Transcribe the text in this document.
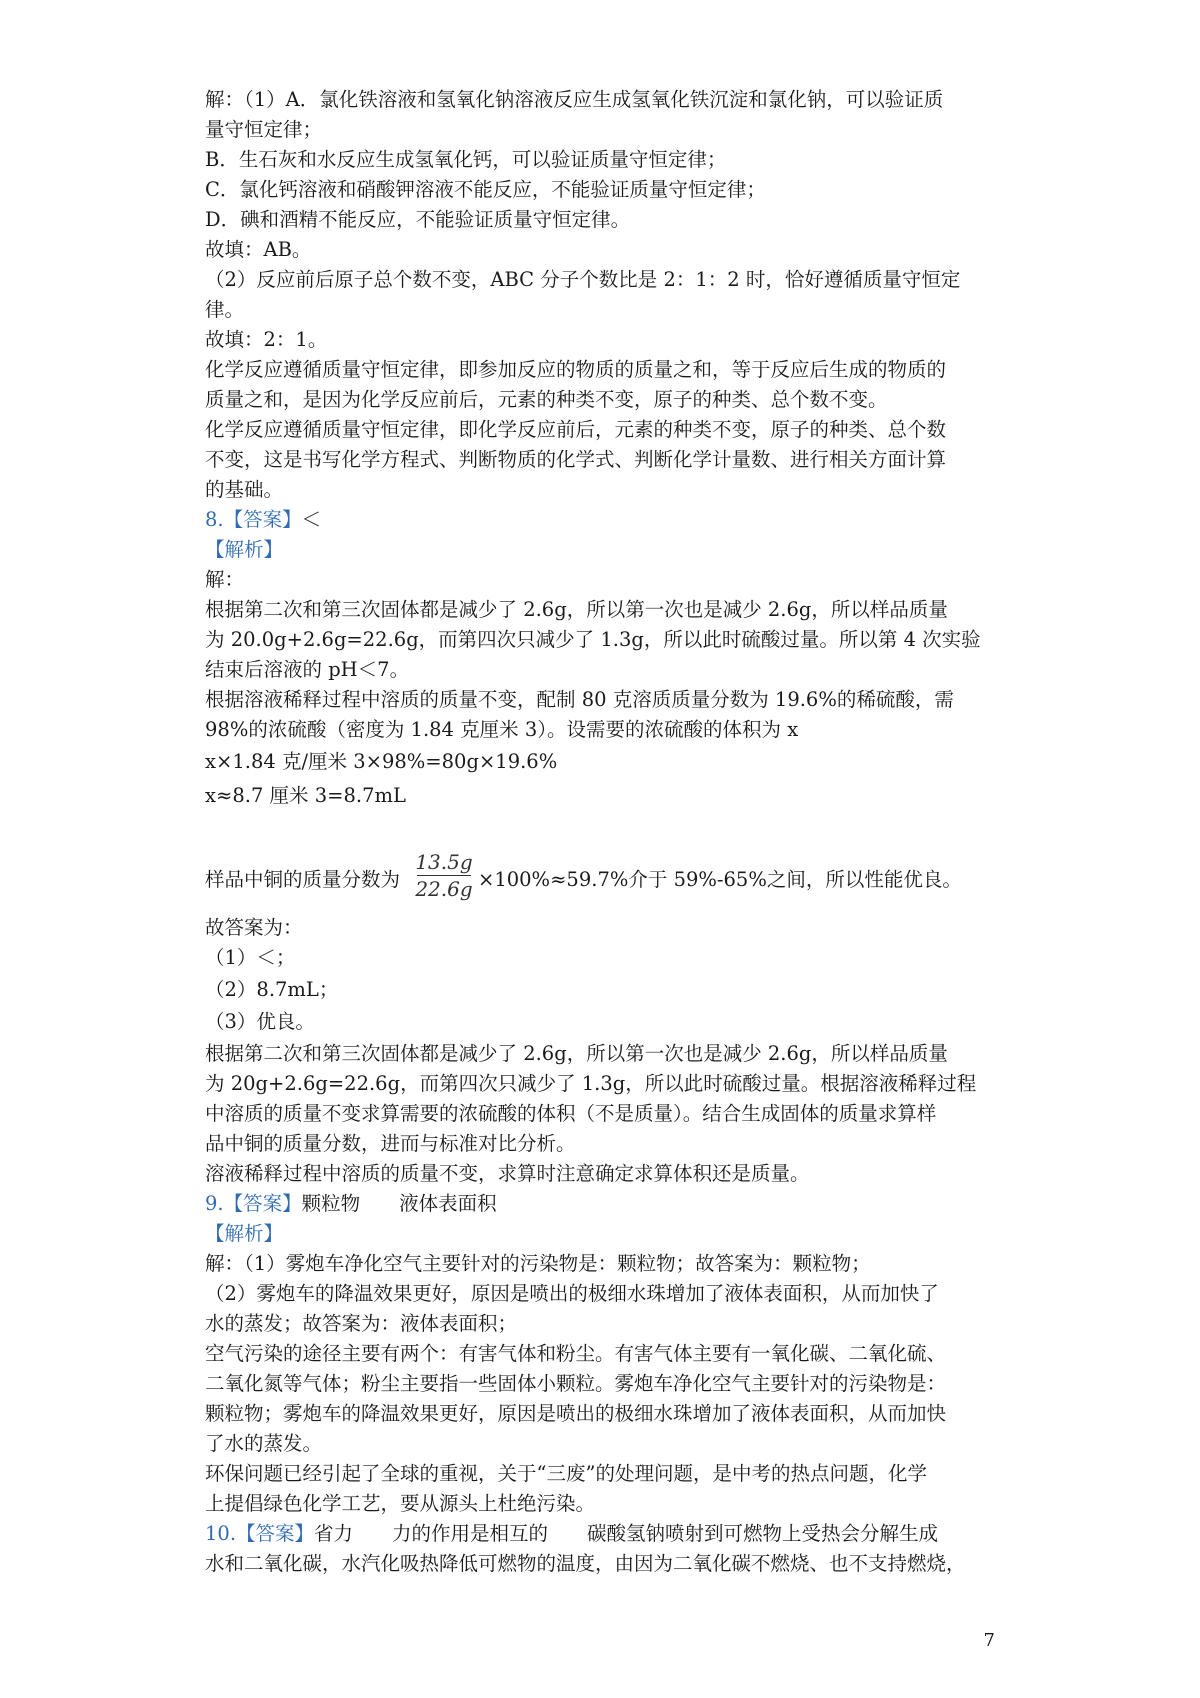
解：（1）A．氯化铁溶液和氢氧化钠溶液反应生成氢氧化铁沉淀和氯化钠，可以验证质
量守恒定律；
B．生石灰和水反应生成氢氧化钙，可以验证质量守恒定律；
C．氯化钙溶液和硝酸钾溶液不能反应，不能验证质量守恒定律；
D．碘和酒精不能反应，不能验证质量守恒定律。
故填：AB。
（2）反应前后原子总个数不变，ABC 分子个数比是 2：1：2 时，恰好遵循质量守恒定
律。
故填：2：1。
化学反应遵循质量守恒定律，即参加反应的物质的质量之和，等于反应后生成的物质的
质量之和，是因为化学反应前后，元素的种类不变，原子的种类、总个数不变。
化学反应遵循质量守恒定律，即化学反应前后，元素的种类不变，原子的种类、总个数
不变，这是书写化学方程式、判断物质的化学式、判断化学计量数、进行相关方面计算
的基础。
8.【答案】＜
【解析】
解：
根据第二次和第三次固体都是减少了 2.6g，所以第一次也是减少 2.6g，所以样品质量
为 20.0g+2.6g=22.6g，而第四次只减少了 1.3g，所以此时硫酸过量。所以第 4 次实验
结束后溶液的 pH＜7。
根据溶液稀释过程中溶质的质量不变，配制 80 克溶质质量分数为 19.6%的稀硫酸，需
98%的浓硫酸（密度为 1.84 克厘米 3）。设需要的浓硫酸的体积为 x
x×1.84 克/厘米 3×98%=80g×19.6%
x≈8.7 厘米 3=8.7mL
样品中铜的质量分数为
13.5g
22.6g ×100%≈59.7%介于 59%-65%之间，所以性能优良。
故答案为：
（1）＜；
（2）8.7mL；
（3）优良。
根据第二次和第三次固体都是减少了 2.6g，所以第一次也是减少 2.6g，所以样品质量
为 20g+2.6g=22.6g，而第四次只减少了 1.3g，所以此时硫酸过量。根据溶液稀释过程
中溶质的质量不变求算需要的浓硫酸的体积（不是质量）。结合生成固体的质量求算样
品中铜的质量分数，进而与标准对比分析。
溶液稀释过程中溶质的质量不变，求算时注意确定求算体积还是质量。
9.【答案】颗粒物　　液体表面积
【解析】
解：（1）雾炮车净化空气主要针对的污染物是：颗粒物；故答案为：颗粒物；
（2）雾炮车的降温效果更好，原因是喷出的极细水珠增加了液体表面积，从而加快了
水的蒸发；故答案为：液体表面积；
空气污染的途径主要有两个：有害气体和粉尘。有害气体主要有一氧化碳、二氧化硫、
二氧化氮等气体；粉尘主要指一些固体小颗粒。雾炮车净化空气主要针对的污染物是：
颗粒物；雾炮车的降温效果更好，原因是喷出的极细水珠增加了液体表面积，从而加快
了水的蒸发。
环保问题已经引起了全球的重视，关于“三废”的处理问题，是中考的热点问题，化学
上提倡绿色化学工艺，要从源头上杜绝污染。
10.【答案】省力　　力的作用是相互的　　碳酸氢钠喷射到可燃物上受热会分解生成
水和二氧化碳，水汽化吸热降低可燃物的温度，由因为二氧化碳不燃烧、也不支持燃烧，
7
